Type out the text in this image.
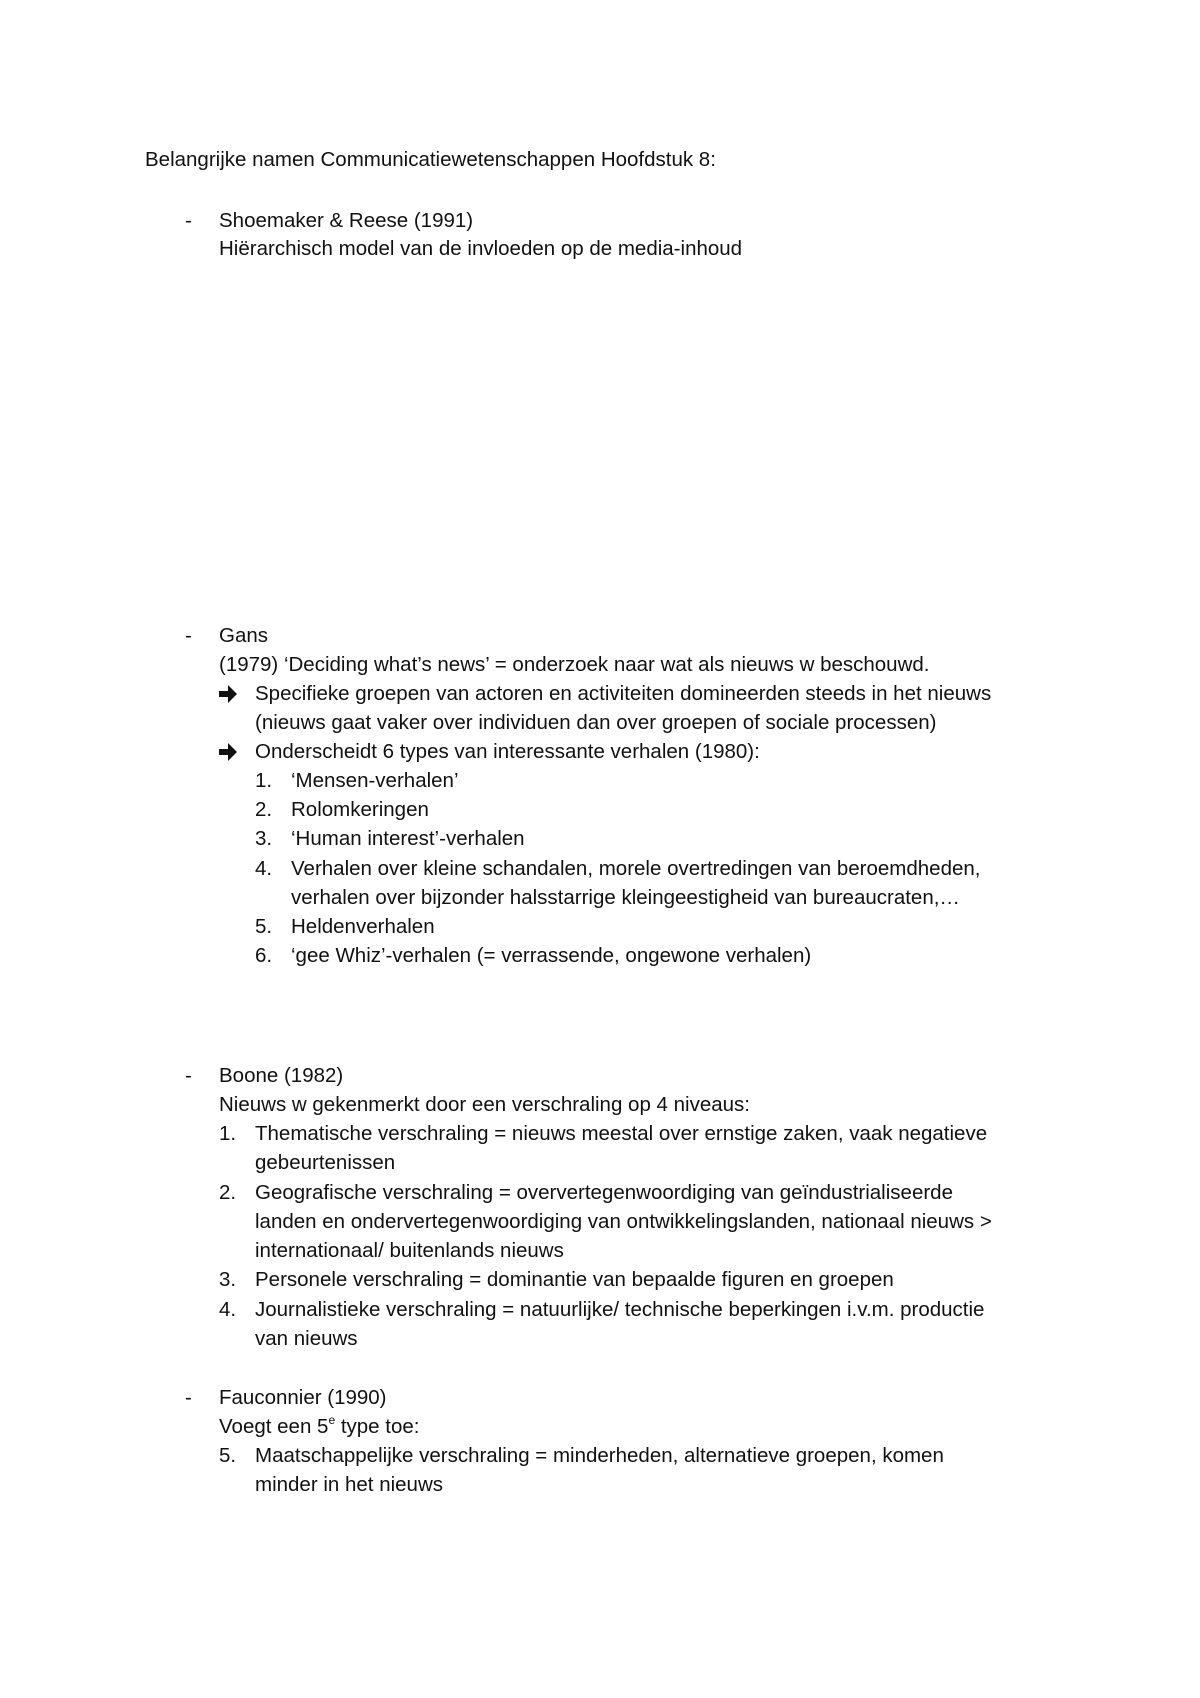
Belangrijke namen Communicatiewetenschappen Hoofdstuk 8:
- Shoemaker & Reese (1991)
Hiërarchisch model van de invloeden op de media-inhoud
- Gans
(1979) ‘Deciding what’s news’ = onderzoek naar wat als nieuws w beschouwd.
Specifieke groepen van actoren en activiteiten domineerden steeds in het nieuws
(nieuws gaat vaker over individuen dan over groepen of sociale processen)
Onderscheidt 6 types van interessante verhalen (1980):
1. ‘Mensen-verhalen’
2. Rolomkeringen
3. ‘Human interest’-verhalen
4. Verhalen over kleine schandalen, morele overtredingen van beroemdheden,
verhalen over bijzonder halsstarrige kleingeestigheid van bureaucraten,…
5. Heldenverhalen
6. ‘gee Whiz’-verhalen (= verrassende, ongewone verhalen)
- Boone (1982)
Nieuws w gekenmerkt door een verschraling op 4 niveaus:
1. Thematische verschraling = nieuws meestal over ernstige zaken, vaak negatieve
gebeurtenissen
2. Geografische verschraling = oververtegenwoordiging van geïndustrialiseerde
landen en ondervertegenwoordiging van ontwikkelingslanden, nationaal nieuws >
internationaal/ buitenlands nieuws
3. Personele verschraling = dominantie van bepaalde figuren en groepen
4. Journalistieke verschraling = natuurlijke/ technische beperkingen i.v.m. productie
van nieuws
- Fauconnier (1990)
Voegt een 5e type toe:
5. Maatschappelijke verschraling = minderheden, alternatieve groepen, komen
minder in het nieuws
